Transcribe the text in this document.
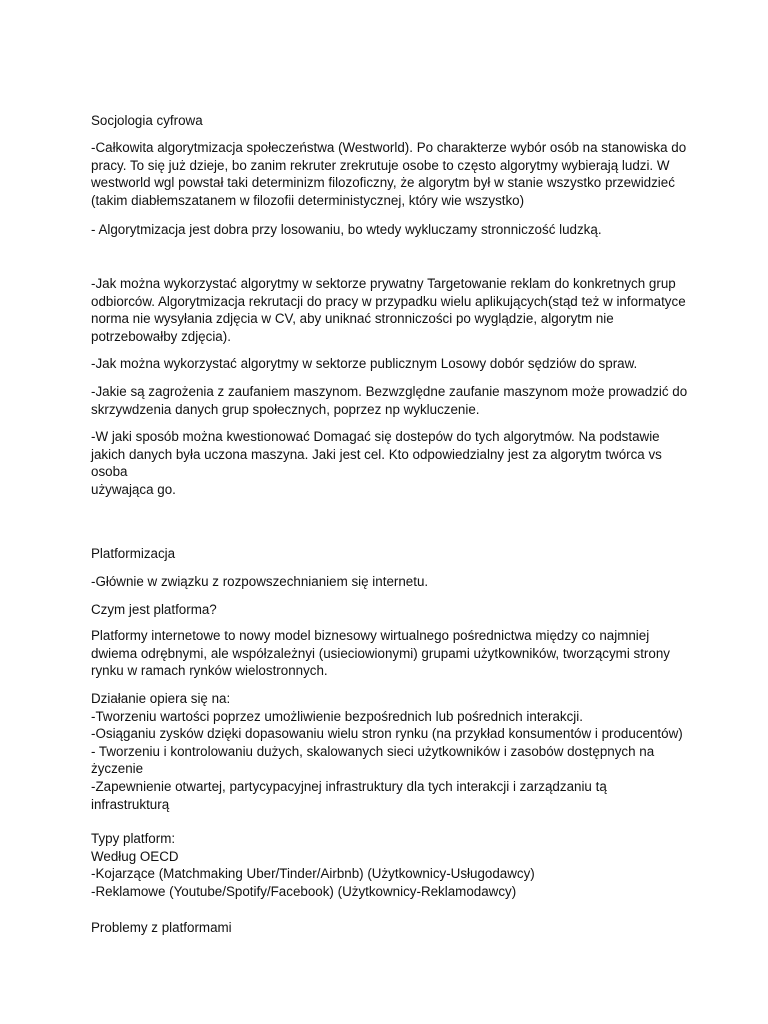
Socjologia cyfrowa

-Całkowita algorytmizacja społeczeństwa (Westworld). Po charakterze wybór osób na stanowiska do
pracy. To się już dzieje, bo zanim rekruter zrekrutuje osobe to często algorytmy wybierają ludzi. W
westworld wgl powstał taki determinizm filozoficzny, że algorytm był w stanie wszystko przewidzieć
(takim diabłemszatanem w filozofii deterministycznej, który wie wszystko)

- Algorytmizacja jest dobra przy losowaniu, bo wtedy wykluczamy stronniczość ludzką.

-Jak można wykorzystać algorytmy w sektorze prywatny Targetowanie reklam do konkretnych grup
odbiorców. Algorytmizacja rekrutacji do pracy w przypadku wielu aplikujących(stąd też w informatyce
norma nie wysyłania zdjęcia w CV, aby uniknać stronniczości po wyglądzie, algorytm nie
potrzebowałby zdjęcia).

-Jak można wykorzystać algorytmy w sektorze publicznym Losowy dobór sędziów do spraw.

-Jakie są zagrożenia z zaufaniem maszynom. Bezwzględne zaufanie maszynom może prowadzić do
skrzywdzenia danych grup społecznych, poprzez np wykluczenie.

-W jaki sposób można kwestionować Domagać się dostepów do tych algorytmów. Na podstawie
jakich danych była uczona maszyna. Jaki jest cel. Kto odpowiedzialny jest za algorytm twórca vs osoba
używająca go.

Platformizacja

-Głównie w związku z rozpowszechnianiem się internetu.

Czym jest platforma?

Platformy internetowe to nowy model biznesowy wirtualnego pośrednictwa między co najmniej
dwiema odrębnymi, ale współzależnyi (usieciowionymi) grupami użytkowników, tworzącymi strony
rynku w ramach rynków wielostronnych.

Działanie opiera się na:
-Tworzeniu wartości poprzez umożliwienie bezpośrednich lub pośrednich interakcji.
-Osiąganiu zysków dzięki dopasowaniu wielu stron rynku (na przykład konsumentów i producentów)
- Tworzeniu i kontrolowaniu dużych, skalowanych sieci użytkowników i zasobów dostępnych na
życzenie
-Zapewnienie otwartej, partycypacyjnej infrastruktury dla tych interakcji i zarządzaniu tą
infrastrukturą

Typy platform:
Według OECD
-Kojarzące (Matchmaking Uber/Tinder/Airbnb) (Użytkownicy-Usługodawcy)
-Reklamowe (Youtube/Spotify/Facebook) (Użytkownicy-Reklamodawcy)

Problemy z platformami
